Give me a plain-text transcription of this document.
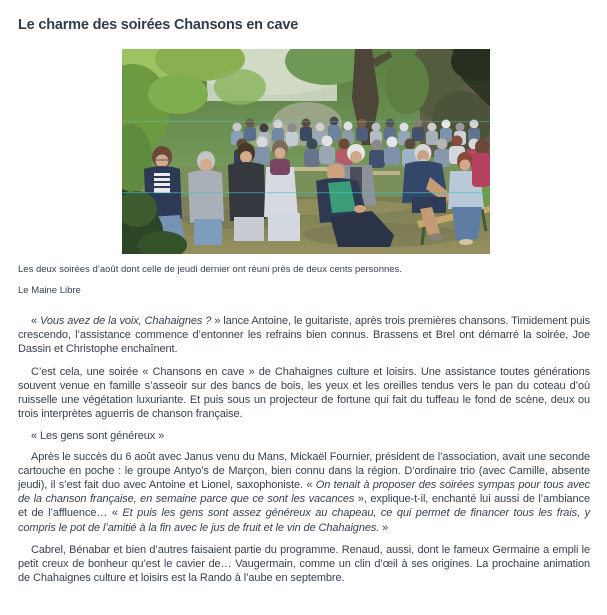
Le charme des soirées Chansons en cave

Les deux soirées d’août dont celle de jeudi dernier ont réuni près de deux cents personnes.

Le Maine Libre

« Vous avez de la voix, Chahaignes ? » lance Antoine, le guitariste, après trois premières chansons. Timidement puis crescendo, l’assistance commence d’entonner les refrains bien connus. Brassens et Brel ont démarré la soirée, Joe Dassin et Christophe enchaînent.

C’est cela, une soirée « Chansons en cave » de Chahaignes culture et loisirs. Une assistance toutes générations souvent venue en famille s’asseoir sur des bancs de bois, les yeux et les oreilles tendus vers le pan du coteau d’où ruisselle une végétation luxuriante. Et puis sous un projecteur de fortune qui fait du tuffeau le fond de scène, deux ou trois interprètes aguerris de chanson française.

« Les gens sont généreux »

Après le succès du 6 août avec Janus venu du Mans, Mickaël Fournier, président de l’association, avait une seconde cartouche en poche : le groupe Antyo’s de Marçon, bien connu dans la région. D’ordinaire trio (avec Camille, absente jeudi), il s’est fait duo avec Antoine et Lionel, saxophoniste. « On tenait à proposer des soirées sympas pour tous avec de la chanson française, en semaine parce que ce sont les vacances », explique-t-il, enchanté lui aussi de l’ambiance et de l’affluence… « Et puis les gens sont assez généreux au chapeau, ce qui permet de financer tous les frais, y compris le pot de l’amitié à la fin avec le jus de fruit et le vin de Chahaignes. »

Cabrel, Bénabar et bien d’autres faisaient partie du programme. Renaud, aussi, dont le fameux Germaine a empli le petit creux de bonheur qu’est le cavier de… Vaugermain, comme un clin d’œil à ses origines. La prochaine animation de Chahaignes culture et loisirs est la Rando à l’aube en septembre.
